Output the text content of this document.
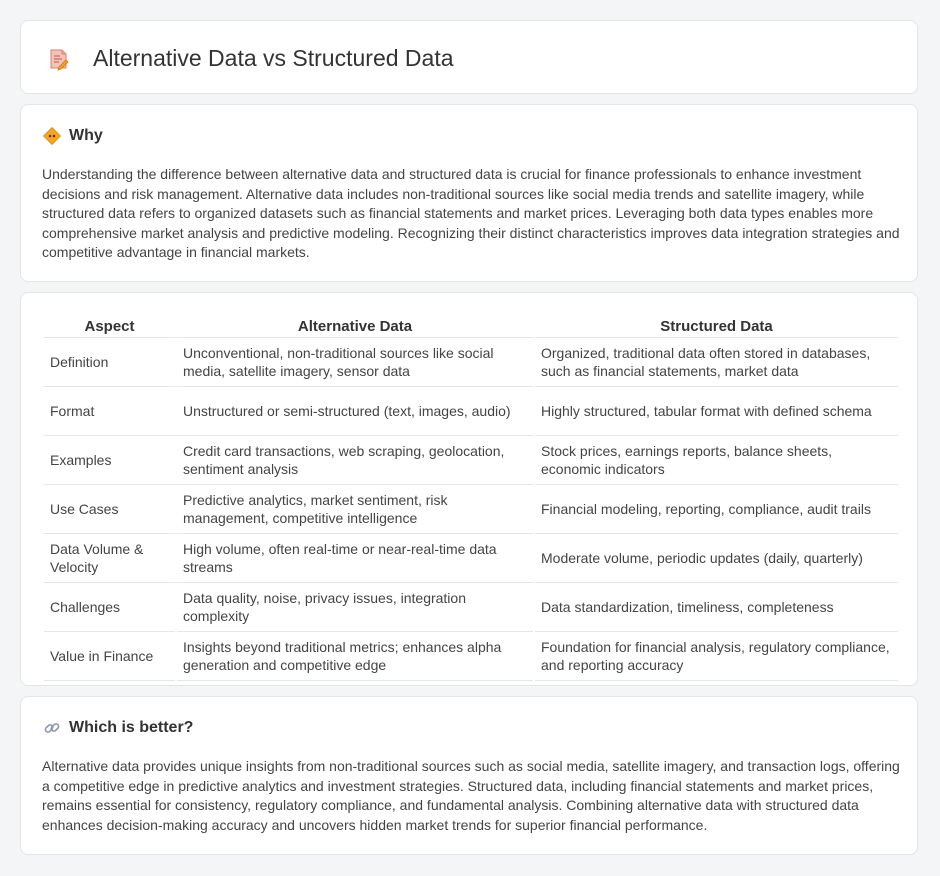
Alternative Data vs Structured Data
Why
Understanding the difference between alternative data and structured data is crucial for finance professionals to enhance investment decisions and risk management. Alternative data includes non-traditional sources like social media trends and satellite imagery, while structured data refers to organized datasets such as financial statements and market prices. Leveraging both data types enables more comprehensive market analysis and predictive modeling. Recognizing their distinct characteristics improves data integration strategies and competitive advantage in financial markets.
Aspect	Alternative Data	Structured Data
Definition	Unconventional, non-traditional sources like social media, satellite imagery, sensor data	Organized, traditional data often stored in databases, such as financial statements, market data
Format	Unstructured or semi-structured (text, images, audio)	Highly structured, tabular format with defined schema
Examples	Credit card transactions, web scraping, geolocation, sentiment analysis	Stock prices, earnings reports, balance sheets, economic indicators
Use Cases	Predictive analytics, market sentiment, risk management, competitive intelligence	Financial modeling, reporting, compliance, audit trails
Data Volume & Velocity	High volume, often real-time or near-real-time data streams	Moderate volume, periodic updates (daily, quarterly)
Challenges	Data quality, noise, privacy issues, integration complexity	Data standardization, timeliness, completeness
Value in Finance	Insights beyond traditional metrics; enhances alpha generation and competitive edge	Foundation for financial analysis, regulatory compliance, and reporting accuracy
Which is better?
Alternative data provides unique insights from non-traditional sources such as social media, satellite imagery, and transaction logs, offering a competitive edge in predictive analytics and investment strategies. Structured data, including financial statements and market prices, remains essential for consistency, regulatory compliance, and fundamental analysis. Combining alternative data with structured data enhances decision-making accuracy and uncovers hidden market trends for superior financial performance.
